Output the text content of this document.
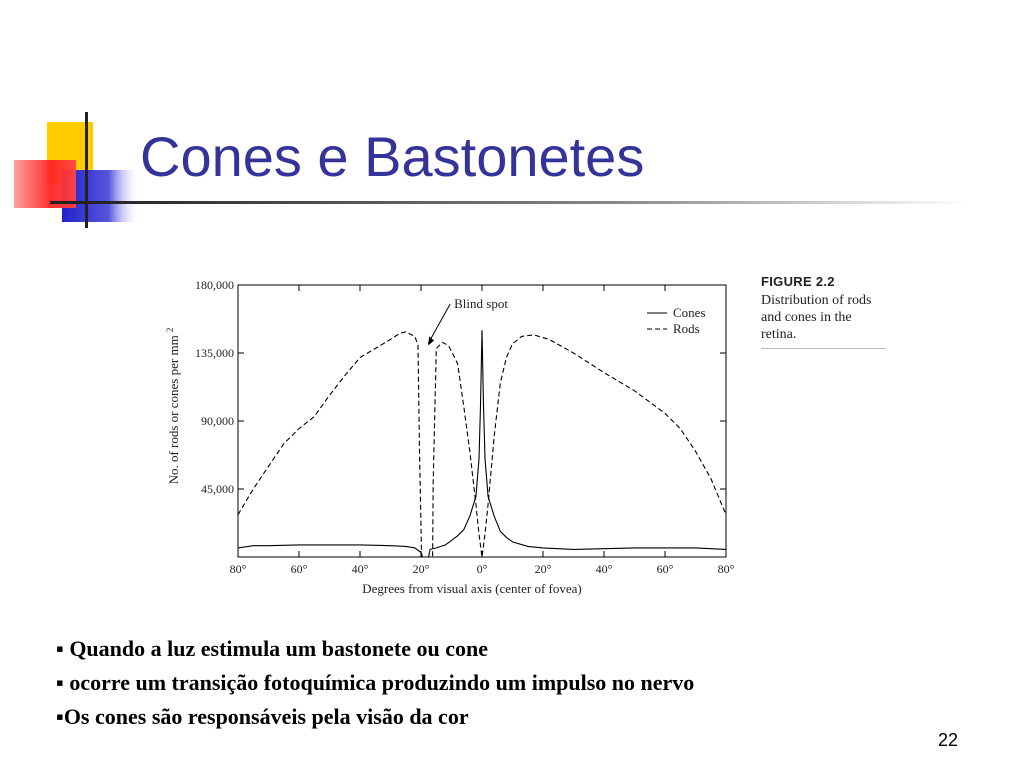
Cones e Bastonetes
80°	60°	40°	20°	0°	20°	40°	60°	80°
45,000
90,000
135,000
180,000
Degrees from visual axis (center of fovea)
No. of rods or cones per mm $^2$
Cones
Rods
Blind spot
FIGURE 2.2
Distribution of rods and cones in the retina.
▪ Quando a luz estimula um bastonete ou cone
▪ ocorre um transição fotoquímica produzindo um impulso no nervo
▪Os cones são responsáveis pela visão da cor
22
